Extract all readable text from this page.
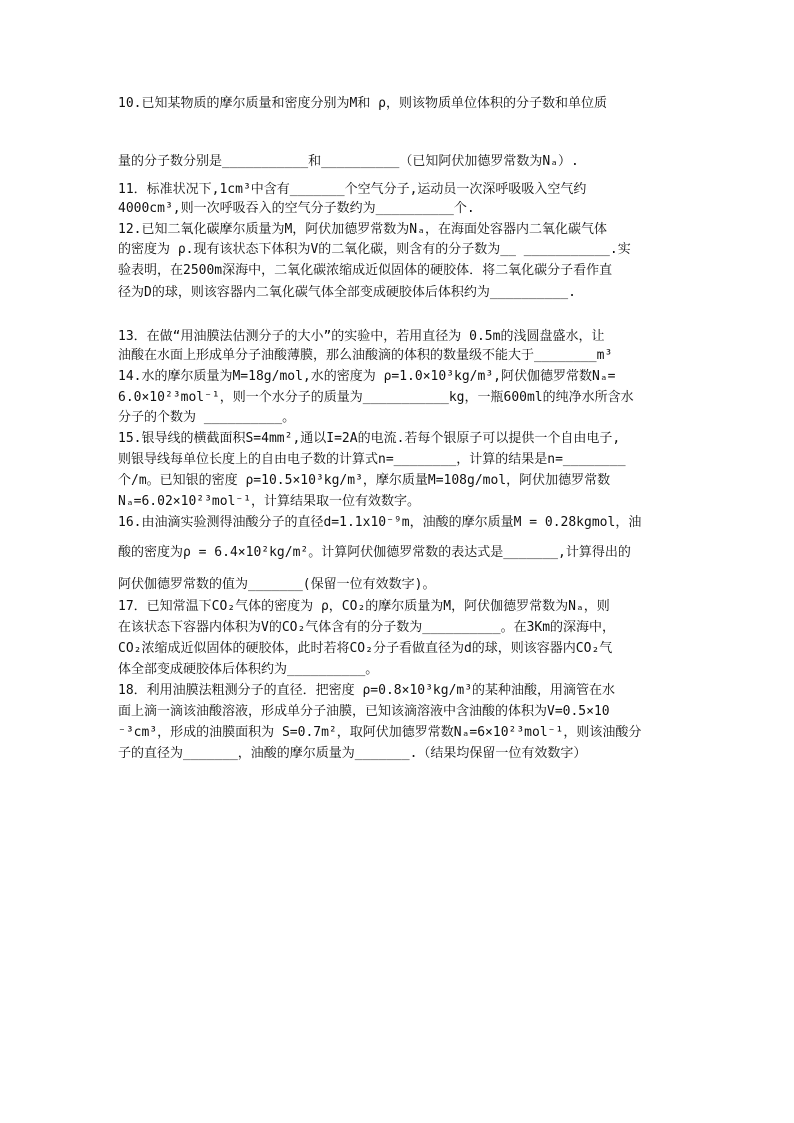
10.已知某物质的摩尔质量和密度分别为M和 ρ，则该物质单位体积的分子数和单位质
量的分子数分别是___________和__________（已知阿伏加德罗常数为Nₐ）.
11．标准状况下,1cm³中含有_______个空气分子,运动员一次深呼吸吸入空气约
4000cm³,则一次呼吸吞入的空气分子数约为__________个.
12.已知二氧化碳摩尔质量为M，阿伏加德罗常数为Nₐ，在海面处容器内二氧化碳气体
的密度为 ρ.现有该状态下体积为V的二氧化碳，则含有的分子数为__ ___________.实
验表明，在2500m深海中，二氧化碳浓缩成近似固体的硬胶体．将二氧化碳分子看作直
径为D的球，则该容器内二氧化碳气体全部变成硬胶体后体积约为__________.
13．在做“用油膜法估测分子的大小”的实验中，若用直径为 0.5m的浅圆盘盛水，让
油酸在水面上形成单分子油酸薄膜，那么油酸滴的体积的数量级不能大于________m³
14.水的摩尔质量为M=18g/mol,水的密度为 ρ=1.0×10³kg/m³,阿伏伽德罗常数Nₐ=
6.0×10²³mol⁻¹，则一个水分子的质量为___________kg，一瓶600ml的纯净水所含水
分子的个数为 __________。
15.银导线的横截面积S=4mm²,通以I=2A的电流.若每个银原子可以提供一个自由电子,
则银导线每单位长度上的自由电子数的计算式n=________，计算的结果是n=________
个/m。已知银的密度 ρ=10.5×10³kg/m³，摩尔质量M=108g/mol，阿伏加德罗常数
Nₐ=6.02×10²³mol⁻¹，计算结果取一位有效数字。
16.由油滴实验测得油酸分子的直径d=1.1x10⁻⁹m，油酸的摩尔质量M = 0.28kgmol，油
酸的密度为ρ = 6.4×10²kg/m²。计算阿伏伽德罗常数的表达式是_______,计算得出的
阿伏伽德罗常数的值为_______(保留一位有效数字)。
17．已知常温下CO₂气体的密度为 ρ，CO₂的摩尔质量为M，阿伏伽德罗常数为Nₐ，则
在该状态下容器内体积为V的CO₂气体含有的分子数为__________。在3Km的深海中，
CO₂浓缩成近似固体的硬胶体，此时若将CO₂分子看做直径为d的球，则该容器内CO₂气
体全部变成硬胶体后体积约为__________。
18．利用油膜法粗测分子的直径．把密度 ρ=0.8×10³kg/m³的某种油酸，用滴管在水
面上滴一滴该油酸溶液，形成单分子油膜，已知该滴溶液中含油酸的体积为V=0.5×10
⁻³cm³，形成的油膜面积为 S=0.7m²，取阿伏加德罗常数Nₐ=6×10²³mol⁻¹，则该油酸分
子的直径为_______，油酸的摩尔质量为_______.（结果均保留一位有效数字）
